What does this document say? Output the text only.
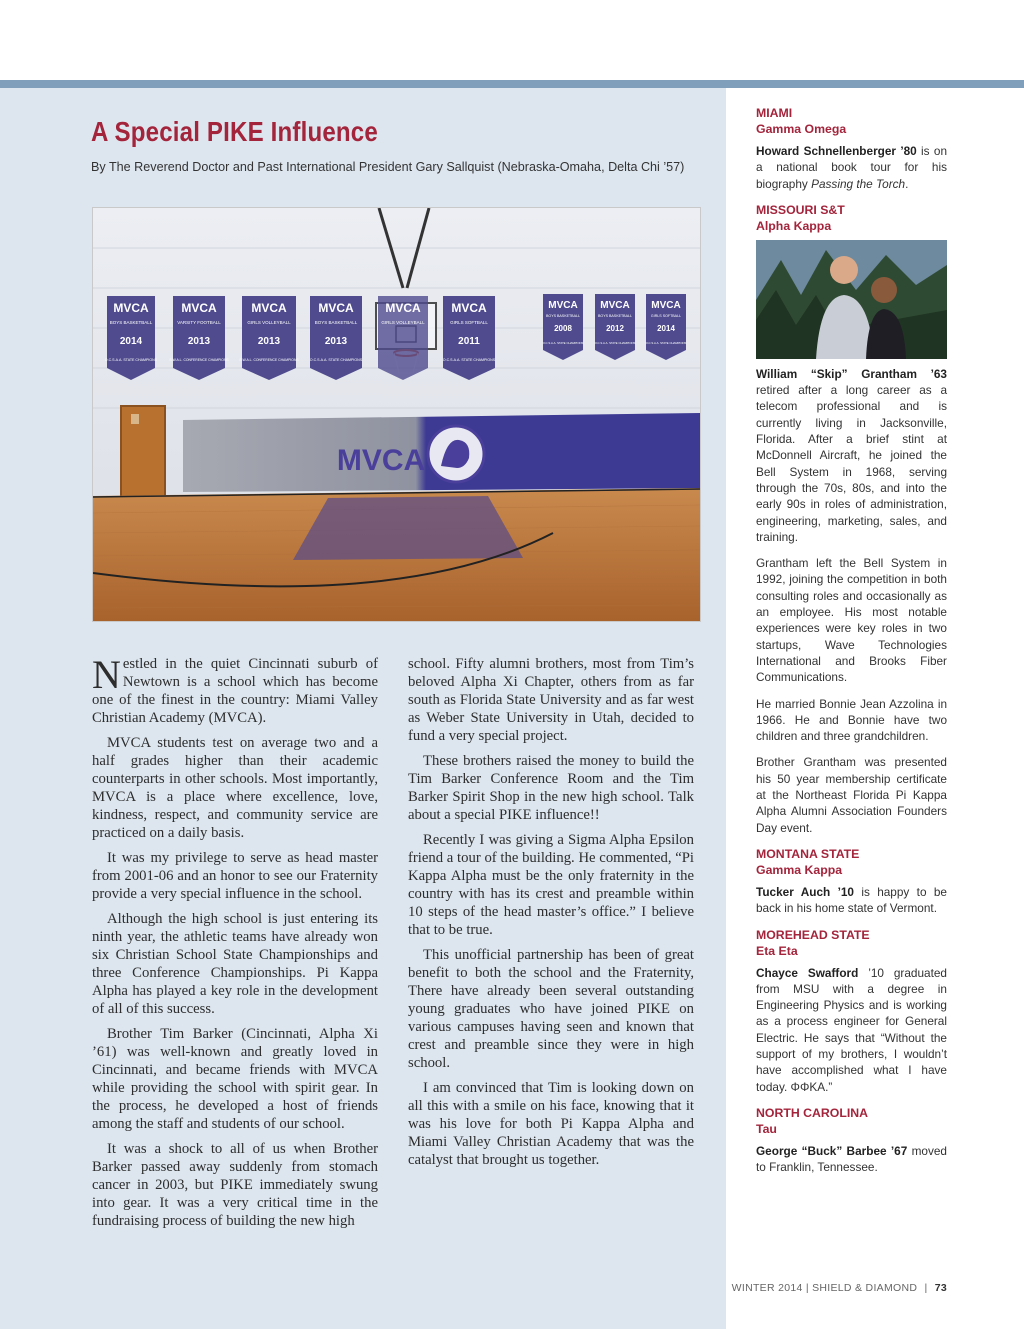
A Special PIKE Influence
By The Reverend Doctor and Past International President Gary Sallquist (Nebraska-Omaha, Delta Chi ’57)
MVCA
BOYS BASKETBALL
2014
O.C.S.A.A. STATE CHAMPIONS
MVCA
VARSITY FOOTBALL
2013
S.W.A.L. CONFERENCE CHAMPIONS
MVCA
GIRLS VOLLEYBALL
2013
S.W.A.L. CONFERENCE CHAMPIONS
MVCA
BOYS BASKETBALL
2013
O.C.S.A.A. STATE CHAMPIONS
MVCA
GIRLS VOLLEYBALL
MVCA
GIRLS SOFTBALL
2011
O.C.S.A.A. STATE CHAMPIONS
MVCA
BOYS BASKETBALL
2008
O.C.S.A.A. STATE CHAMPIONS
MVCA
BOYS BASKETBALL
2012
O.C.S.A.A. STATE CHAMPIONS
MVCA
GIRLS SOFTBALL
2014
O.C.S.A.A. STATE CHAMPIONS
MVCA

Nestled in the quiet Cincinnati suburb of Newtown is a school which has become one of the finest in the country: Miami Valley Christian Academy (MVCA).

MVCA students test on average two and a half grades higher than their academic counterparts in other schools. Most importantly, MVCA is a place where excellence, love, kindness, respect, and community service are practiced on a daily basis.

It was my privilege to serve as head master from 2001-06 and an honor to see our Fraternity provide a very special influence in the school.

Although the high school is just entering its ninth year, the athletic teams have already won six Christian School State Championships and three Conference Championships. Pi Kappa Alpha has played a key role in the development of all of this success.

Brother Tim Barker (Cincinnati, Alpha Xi ’61) was well-known and greatly loved in Cincinnati, and became friends with MVCA while providing the school with spirit gear. In the process, he developed a host of friends among the staff and students of our school.

It was a shock to all of us when Brother Barker passed away suddenly from stomach cancer in 2003, but PIKE immediately swung into gear. It was a very critical time in the fundraising process of building the new high

school. Fifty alumni brothers, most from Tim’s beloved Alpha Xi Chapter, others from as far south as Florida State University and as far west as Weber State University in Utah, decided to fund a very special project.

These brothers raised the money to build the Tim Barker Conference Room and the Tim Barker Spirit Shop in the new high school. Talk about a special PIKE influence!!

Recently I was giving a Sigma Alpha Epsilon friend a tour of the building. He commented, “Pi Kappa Alpha must be the only fraternity in the country with has its crest and preamble within 10 steps of the head master’s office.” I believe that to be true.

This unofficial partnership has been of great benefit to both the school and the Fraternity, There have already been several outstanding young graduates who have joined PIKE on various campuses having seen and known that crest and preamble since they were in high school.

I am convinced that Tim is looking down on all this with a smile on his face, knowing that it was his love for both Pi Kappa Alpha and Miami Valley Christian Academy that was the catalyst that brought us together.

MIAMI
Gamma Omega
Howard Schnellenberger ’80 is on a national book tour for his biography Passing the Torch.
MISSOURI S&T
Alpha Kappa
William “Skip” Grantham ’63 retired after a long career as a telecom professional and is currently living in Jacksonville, Florida. After a brief stint at McDonnell Aircraft, he joined the Bell System in 1968, serving through the 70s, 80s, and into the early 90s in roles of administration, engineering, marketing, sales, and training.
Grantham left the Bell System in 1992, joining the competition in both consulting roles and occasionally as an employee. His most notable experiences were key roles in two startups, Wave Technologies International and Brooks Fiber Communications.
He married Bonnie Jean Azzolina in 1966. He and Bonnie have two children and three grandchildren.
Brother Grantham was presented his 50 year membership certificate at the Northeast Florida Pi Kappa Alpha Alumni Association Founders Day event.
MONTANA STATE
Gamma Kappa
Tucker Auch ’10 is happy to be back in his home state of Vermont.
MOREHEAD STATE
Eta Eta
Chayce Swafford ’10 graduated from MSU with a degree in Engineering Physics and is working as a process engineer for General Electric. He says that “Without the support of my brothers, I wouldn’t have accomplished what I have today. ΦΦΚΑ.”
NORTH CAROLINA
Tau
George “Buck” Barbee ’67 moved to Franklin, Tennessee.
WINTER 2014 | SHIELD & DIAMOND | 73
